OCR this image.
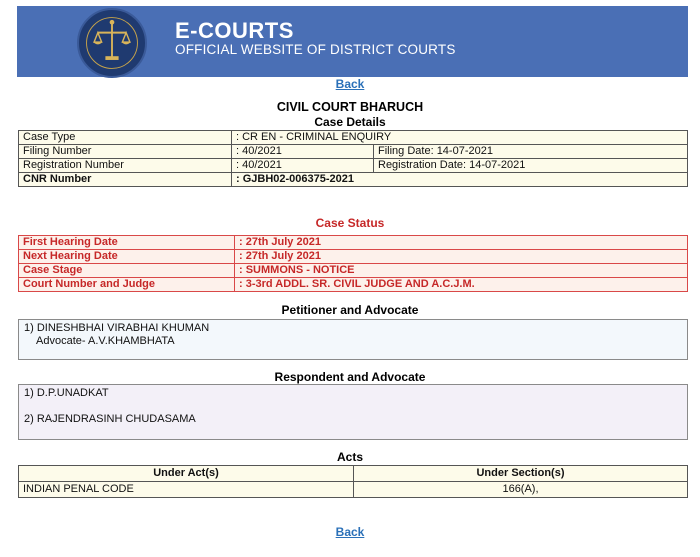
E-COURTS
OFFICIAL WEBSITE OF DISTRICT COURTS
Back
CIVIL COURT BHARUCH
Case Details
Case Type	: CR EN - CRIMINAL ENQUIRY	
Filing Number	: 40/2021	Filing Date: 14-07-2021
Registration Number	: 40/2021	Registration Date: 14-07-2021
CNR Number	: GJBH02-006375-2021	
Case Status
First Hearing Date	: 27th July 2021
Next Hearing Date	: 27th July 2021
Case Stage	: SUMMONS - NOTICE
Court Number and Judge	: 3-3rd ADDL. SR. CIVIL JUDGE AND A.C.J.M.
Petitioner and Advocate
1) DINESHBHAI VIRABHAI KHUMAN
Advocate- A.V.KHAMBHATA
Respondent and Advocate
1) D.P.UNADKAT
2) RAJENDRASINH CHUDASAMA
Acts
Under Act(s)	Under Section(s)
INDIAN PENAL CODE	166(A),
Back
